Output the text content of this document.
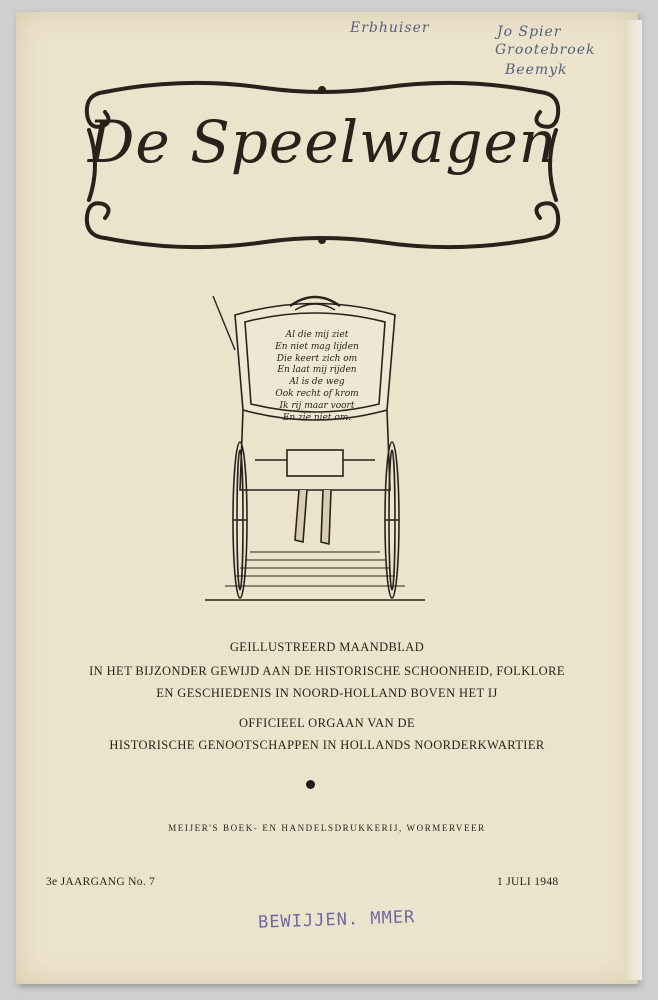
Erbhuiser	Jo Spier
Grootebroek
Beemyk
De Speelwagen
Al die mij ziet
En niet mag lijden
Die keert zich om
En laat mij rijden
Al is de weg
Ook recht of krom
Ik rij maar voort
En zie niet om.

GEILLUSTREERD MAANDBLAD

IN HET BIJZONDER GEWIJD AAN DE HISTORISCHE SCHOONHEID, FOLKLORE

EN GESCHIEDENIS IN NOORD-HOLLAND BOVEN HET IJ

OFFICIEEL ORGAAN VAN DE

HISTORISCHE GENOOTSCHAPPEN IN HOLLANDS NOORDERKWARTIER

MEIJER'S BOEK- EN HANDELSDRUKKERIJ, WORMERVEER
3e JAARGANG No. 7	1 JULI 1948
BEWIJJEN. MMER
